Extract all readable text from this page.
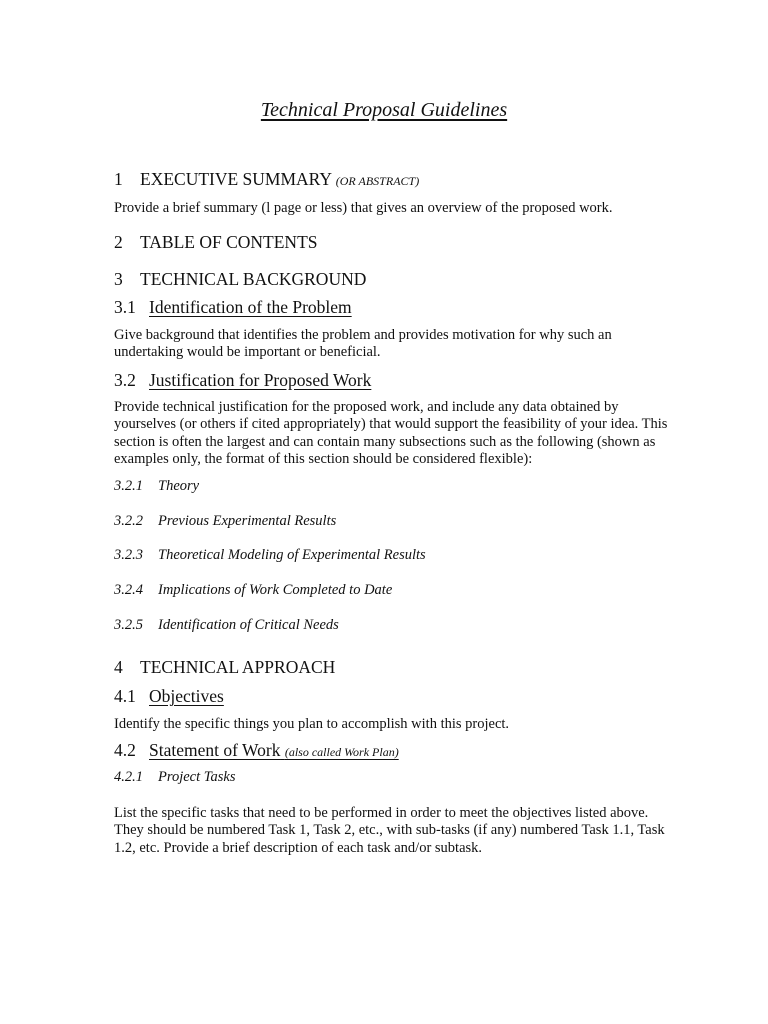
Technical Proposal Guidelines
1 EXECUTIVE SUMMARY (OR ABSTRACT)
Provide a brief summary (l page or less) that gives an overview of the proposed work.
2 TABLE OF CONTENTS
3 TECHNICAL BACKGROUND
3.1 Identification of the Problem
Give background that identifies the problem and provides motivation for why such an undertaking would be important or beneficial.
3.2 Justification for Proposed Work
Provide technical justification for the proposed work, and include any data obtained by yourselves (or others if cited appropriately) that would support the feasibility of your idea. This section is often the largest and can contain many subsections such as the following (shown as examples only, the format of this section should be considered flexible):
3.2.1 Theory
3.2.2 Previous Experimental Results
3.2.3 Theoretical Modeling of Experimental Results
3.2.4 Implications of Work Completed to Date
3.2.5 Identification of Critical Needs
4 TECHNICAL APPROACH
4.1 Objectives
Identify the specific things you plan to accomplish with this project.
4.2 Statement of Work (also called Work Plan)
4.2.1 Project Tasks
List the specific tasks that need to be performed in order to meet the objectives listed above. They should be numbered Task 1, Task 2, etc., with sub-tasks (if any) numbered Task 1.1, Task 1.2, etc. Provide a brief description of each task and/or subtask.
